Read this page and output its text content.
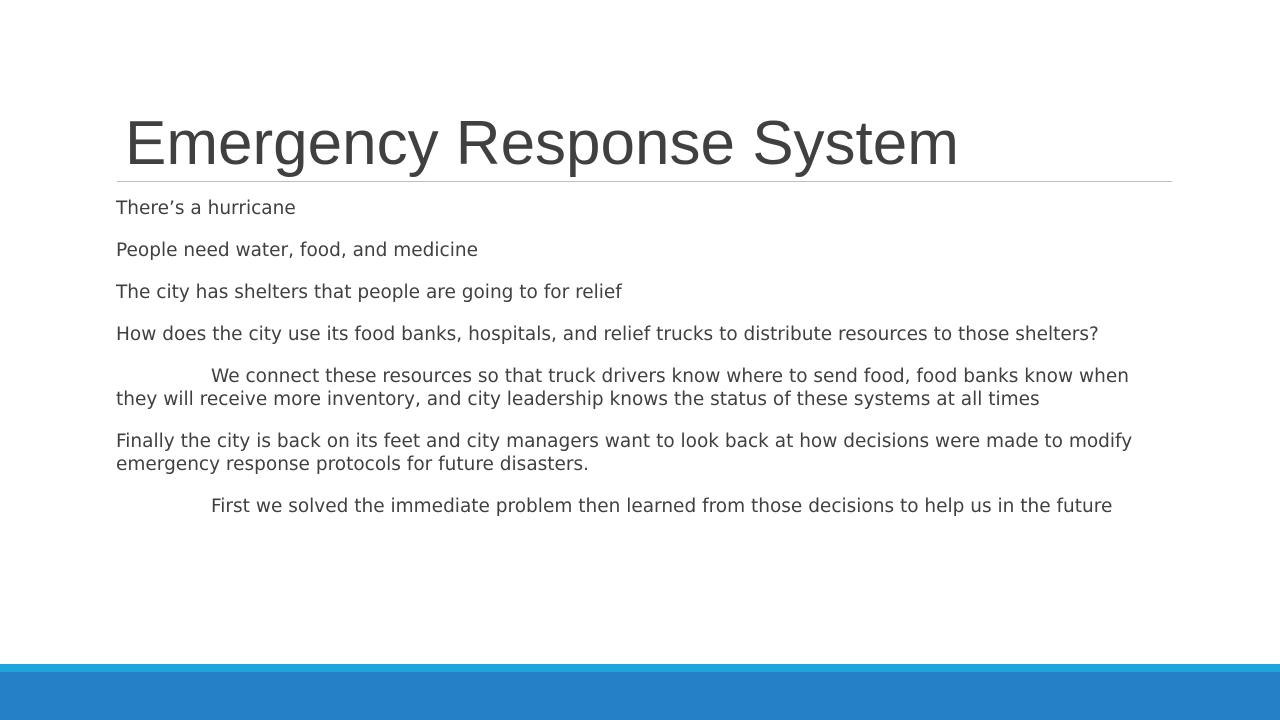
Emergency Response System

There’s a hurricane

People need water, food, and medicine

The city has shelters that people are going to for relief

How does the city use its food banks, hospitals, and relief trucks to distribute resources to those shelters?

We connect these resources so that truck drivers know where to send food, food banks know when they will receive more inventory, and city leadership knows the status of these systems at all times

Finally the city is back on its feet and city managers want to look back at how decisions were made to modify emergency response protocols for future disasters.

First we solved the immediate problem then learned from those decisions to help us in the future
